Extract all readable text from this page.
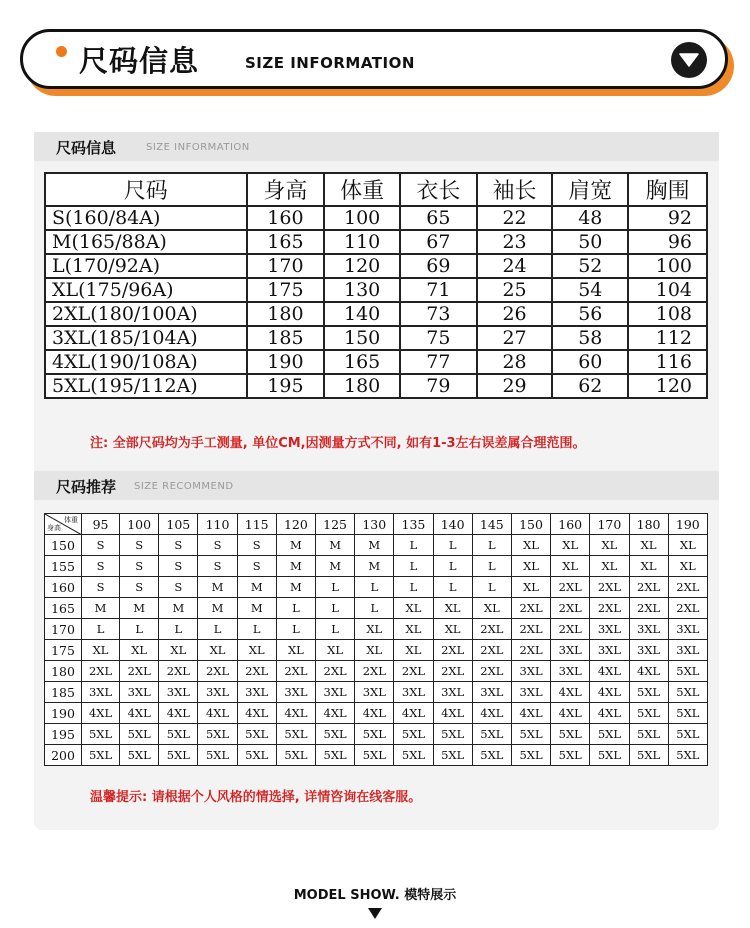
尺码信息	SIZE INFORMATION
尺码信息	SIZE INFORMATION
尺码	身高	体重	衣长	袖长	肩宽	胸围
S(160/84A)	160	100	65	22	48	92
M(165/88A)	165	110	67	23	50	96
L(170/92A)	170	120	69	24	52	100
XL(175/96A)	175	130	71	25	54	104
2XL(180/100A)	180	140	73	26	56	108
3XL(185/104A)	185	150	75	27	58	112
4XL(190/108A)	190	165	77	28	60	116
5XL(195/112A)	195	180	79	29	62	120
注: 全部尺码均为手工测量, 单位CM,因测量方式不同, 如有1-3左右误差属合理范围。
尺码推荐 SIZE RECOMMEND
体重
身高	95	100	105	110	115	120	125	130	135	140	145	150	160	170	180	190
150	S	S	S	S	S	M	M	M	L	L	L	XL	XL	XL	XL	XL
155	S	S	S	S	S	M	M	M	L	L	L	XL	XL	XL	XL	XL
160	S	S	S	M	M	M	L	L	L	L	L	XL	2XL	2XL	2XL	2XL
165	M	M	M	M	M	L	L	L	XL	XL	XL	2XL	2XL	2XL	2XL	2XL
170	L	L	L	L	L	L	L	XL	XL	XL	2XL	2XL	2XL	3XL	3XL	3XL
175	XL	XL	XL	XL	XL	XL	XL	XL	XL	2XL	2XL	2XL	3XL	3XL	3XL	3XL
180	2XL	2XL	2XL	2XL	2XL	2XL	2XL	2XL	2XL	2XL	2XL	3XL	3XL	4XL	4XL	5XL
185	3XL	3XL	3XL	3XL	3XL	3XL	3XL	3XL	3XL	3XL	3XL	3XL	4XL	4XL	5XL	5XL
190	4XL	4XL	4XL	4XL	4XL	4XL	4XL	4XL	4XL	4XL	4XL	4XL	4XL	4XL	5XL	5XL
195	5XL	5XL	5XL	5XL	5XL	5XL	5XL	5XL	5XL	5XL	5XL	5XL	5XL	5XL	5XL	5XL
200	5XL	5XL	5XL	5XL	5XL	5XL	5XL	5XL	5XL	5XL	5XL	5XL	5XL	5XL	5XL	5XL
温馨提示: 请根据个人风格的情选择, 详情咨询在线客服。
MODEL SHOW. 模特展示
